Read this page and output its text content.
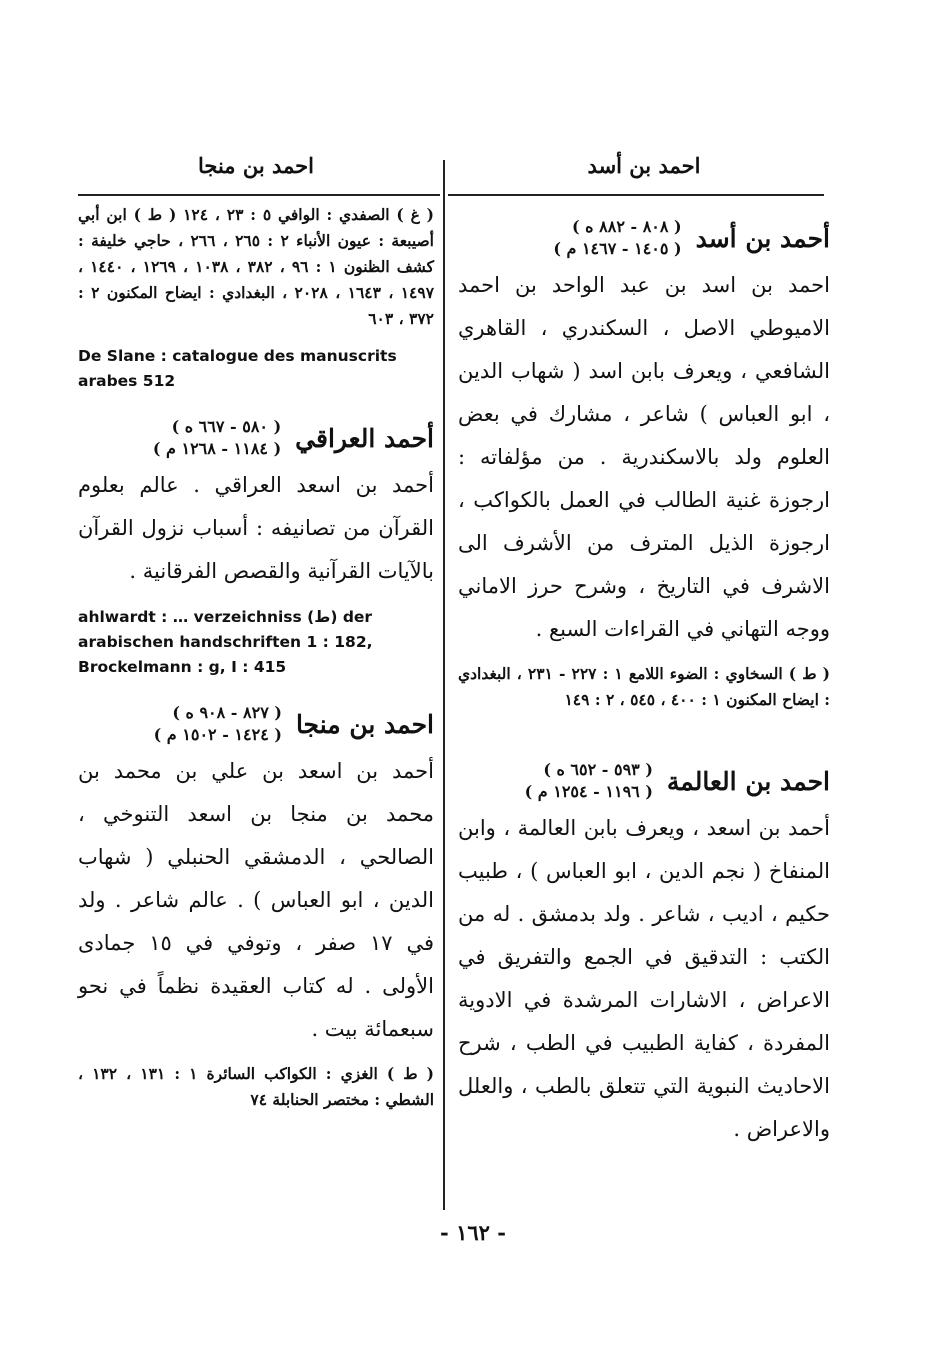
احمد بن أسد
أحمد بن أسد
( ٨٠٨ - ٨٨٢ ه )
( ١٤٠٥ - ١٤٦٧ م )
احمد بن اسد بن عبد الواحد بن احمد الاميوطي الاصل ، السكندري ، القاهري الشافعي ، ويعرف بابن اسد ( شهاب الدين ، ابو العباس ) شاعر ، مشارك في بعض العلوم ولد بالاسكندرية . من مؤلفاته : ارجوزة غنية الطالب في العمل بالكواكب ، ارجوزة الذيل المترف من الأشرف الى الاشرف في التاريخ ، وشرح حرز الاماني ووجه التهاني في القراءات السبع .
( ط ) السخاوي : الضوء اللامع ١ : ٢٢٧ - ٢٣١ ، البغدادي : ايضاح المكنون ١ : ٤٠٠ ، ٥٤٥ ، ٢ : ١٤٩
احمد بن العالمة
( ٥٩٣ - ٦٥٢ ه )
( ١١٩٦ - ١٢٥٤ م )
أحمد بن اسعد ، ويعرف بابن العالمة ، وابن المنفاخ ( نجم الدين ، ابو العباس ) ، طبيب حكيم ، اديب ، شاعر . ولد بدمشق . له من الكتب : التدقيق في الجمع والتفريق في الاعراض ، الاشارات المرشدة في الادوية المفردة ، كفاية الطبيب في الطب ، شرح الاحاديث النبوية التي تتعلق بالطب ، والعلل والاعراض .
احمد بن منجا
( غ ) الصفدي : الوافي ٥ : ٢٣ ، ١٢٤ ( ط ) ابن أبي أصيبعة : عيون الأنباء ٢ : ٢٦٥ ، ٢٦٦ ، حاجي خليفة : كشف الظنون ١ : ٩٦ ، ٣٨٢ ، ١٠٣٨ ، ١٢٦٩ ، ١٤٤٠ ، ١٤٩٧ ، ١٦٤٣ ، ٢٠٢٨ ، البغدادي : ايضاح المكنون ٢ : ٣٧٢ ، ٦٠٣
De Slane : catalogue des manuscrits arabes 512
أحمد العراقي
( ٥٨٠ - ٦٦٧ ه )
( ١١٨٤ - ١٢٦٨ م )
أحمد بن اسعد العراقي . عالم بعلوم القرآن من تصانيفه : أسباب نزول القرآن بالآيات القرآنية والقصص الفرقانية .
ahlwardt : … verzeichniss (ط) der arabischen handschriften 1 : 182, Brockelmann : g, I : 415
احمد بن منجا
( ٨٢٧ - ٩٠٨ ه )
( ١٤٢٤ - ١٥٠٢ م )
أحمد بن اسعد بن علي بن محمد بن محمد بن منجا بن اسعد التنوخي ، الصالحي ، الدمشقي الحنبلي ( شهاب الدين ، ابو العباس ) . عالم شاعر . ولد في ١٧ صفر ، وتوفي في ١٥ جمادى الأولى . له كتاب العقيدة نظماً في نحو سبعمائة بيت .
( ط ) الغزي : الكواكب السائرة ١ : ١٣١ ، ١٣٢ ، الشطي : مختصر الحنابلة ٧٤
- ١٦٢ -
